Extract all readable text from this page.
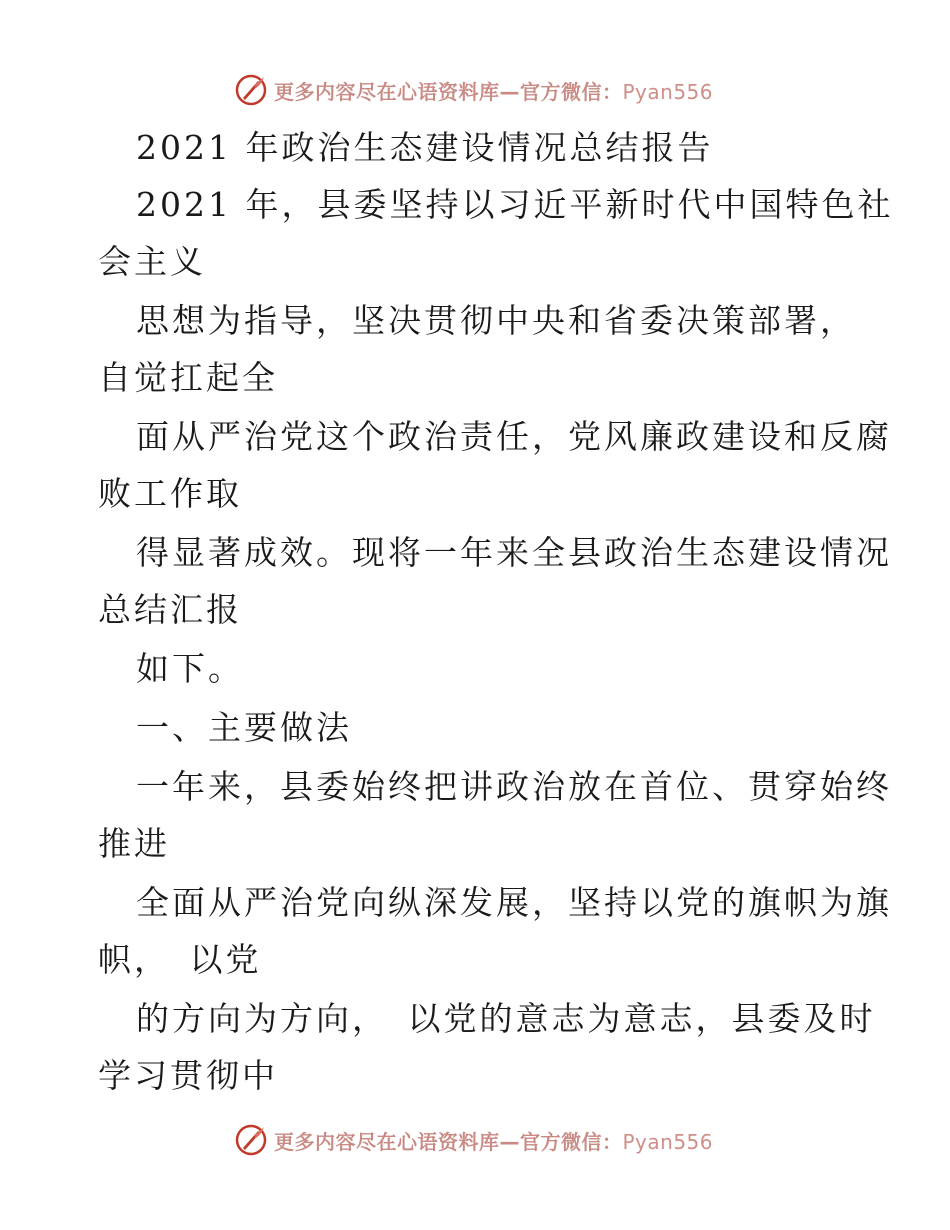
更多内容尽在心语资料库—官方微信：Pyan556
2021 年政治生态建设情况总结报告
2021 年，县委坚持以习近平新时代中国特色社
会主义
思想为指导，坚决贯彻中央和省委决策部署，
自觉扛起全
面从严治党这个政治责任，党风廉政建设和反腐
败工作取
得显著成效。现将一年来全县政治生态建设情况
总结汇报
如下。
一、主要做法
一年来，县委始终把讲政治放在首位、贯穿始终
推进
全面从严治党向纵深发展，坚持以党的旗帜为旗
帜，　以党
的方向为方向，　以党的意志为意志，县委及时
学习贯彻中
更多内容尽在心语资料库—官方微信：Pyan556
